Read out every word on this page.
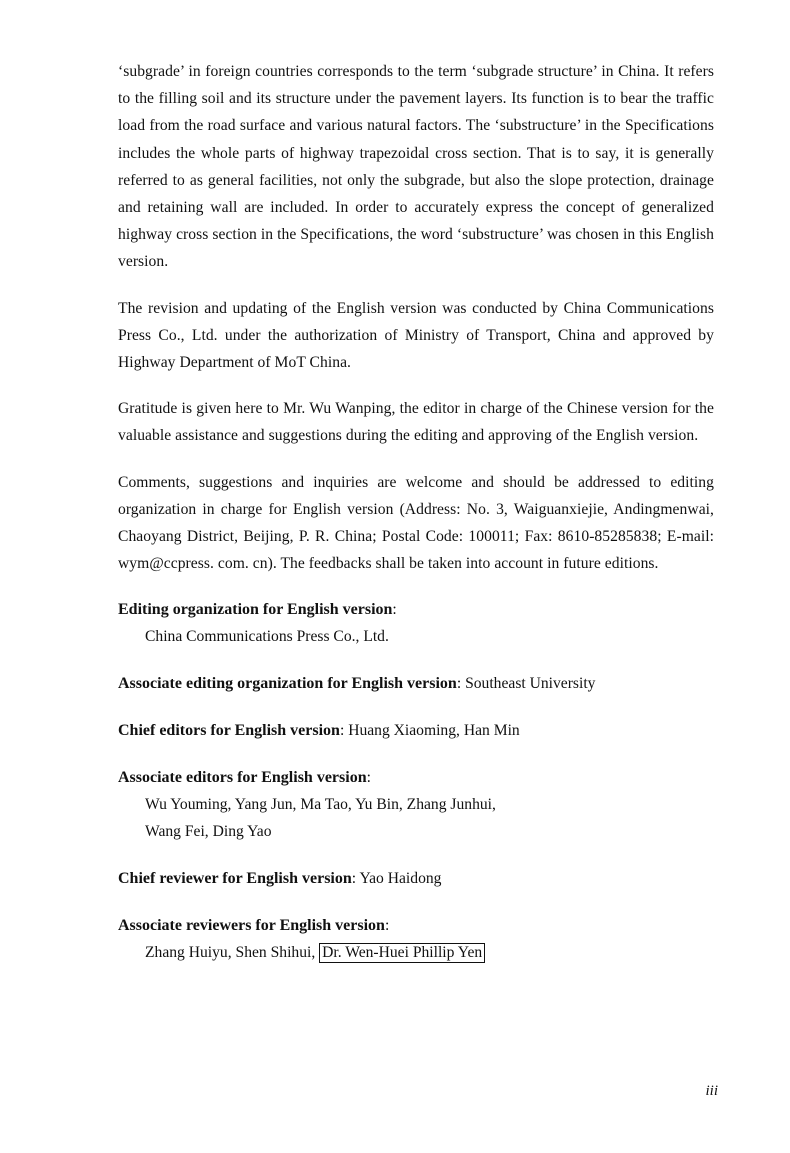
‘subgrade’ in foreign countries corresponds to the term ‘subgrade structure’ in China. It refers to the filling soil and its structure under the pavement layers. Its function is to bear the traffic load from the road surface and various natural factors. The ‘substructure’ in the Specifications includes the whole parts of highway trapezoidal cross section. That is to say, it is generally referred to as general facilities, not only the subgrade, but also the slope protection, drainage and retaining wall are included. In order to accurately express the concept of generalized highway cross section in the Specifications, the word ‘substructure’ was chosen in this English version.

The revision and updating of the English version was conducted by China Communications Press Co., Ltd. under the authorization of Ministry of Transport, China and approved by Highway Department of MoT China.

Gratitude is given here to Mr. Wu Wanping, the editor in charge of the Chinese version for the valuable assistance and suggestions during the editing and approving of the English version.

Comments, suggestions and inquiries are welcome and should be addressed to editing organization in charge for English version (Address: No. 3, Waiguanxiejie, Andingmenwai, Chaoyang District, Beijing, P. R. China; Postal Code: 100011; Fax: 8610-85285838; E-mail: wym@ccpress. com. cn). The feedbacks shall be taken into account in future editions.

Editing organization for English version:
China Communications Press Co., Ltd.
Associate editing organization for English version: Southeast University
Chief editors for English version: Huang Xiaoming, Han Min
Associate editors for English version:
Wu Youming, Yang Jun, Ma Tao, Yu Bin, Zhang Junhui,
Wang Fei, Ding Yao
Chief reviewer for English version: Yao Haidong
Associate reviewers for English version:
Zhang Huiyu, Shen Shihui, Dr. Wen-Huei Phillip Yen
iii
